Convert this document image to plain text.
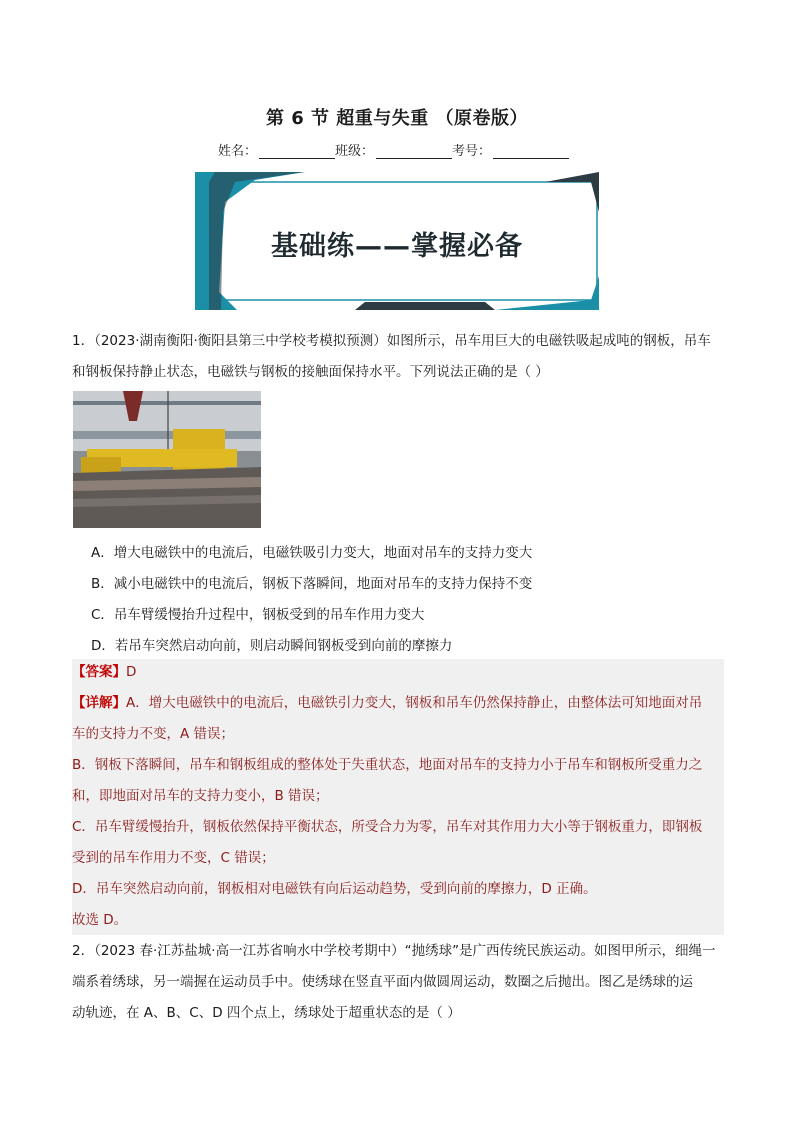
第 6 节 超重与失重 （原卷版）
姓名：	班级：	考号：
基础练——掌握必备
1．（2023·湖南衡阳·衡阳县第三中学校考模拟预测）如图所示，吊车用巨大的电磁铁吸起成吨的钢板，吊车
和钢板保持静止状态，电磁铁与钢板的接触面保持水平。下列说法正确的是（ ）
A．增大电磁铁中的电流后，电磁铁吸引力变大，地面对吊车的支持力变大
B．减小电磁铁中的电流后，钢板下落瞬间，地面对吊车的支持力保持不变
C．吊车臂缓慢抬升过程中，钢板受到的吊车作用力变大
D．若吊车突然启动向前，则启动瞬间钢板受到向前的摩擦力
【答案】D
【详解】A．增大电磁铁中的电流后，电磁铁引力变大，钢板和吊车仍然保持静止，由整体法可知地面对吊
车的支持力不变，A 错误；
B．钢板下落瞬间，吊车和钢板组成的整体处于失重状态，地面对吊车的支持力小于吊车和钢板所受重力之
和，即地面对吊车的支持力变小，B 错误；
C．吊车臂缓慢抬升，钢板依然保持平衡状态，所受合力为零，吊车对其作用力大小等于钢板重力，即钢板
受到的吊车作用力不变，C 错误；
D．吊车突然启动向前，钢板相对电磁铁有向后运动趋势，受到向前的摩擦力，D 正确。
故选 D。
2．（2023 春·江苏盐城·高一江苏省响水中学校考期中）“抛绣球”是广西传统民族运动。如图甲所示，细绳一
端系着绣球，另一端握在运动员手中。使绣球在竖直平面内做圆周运动，数圈之后抛出。图乙是绣球的运
动轨迹，在 A、B、C、D 四个点上，绣球处于超重状态的是（ ）
